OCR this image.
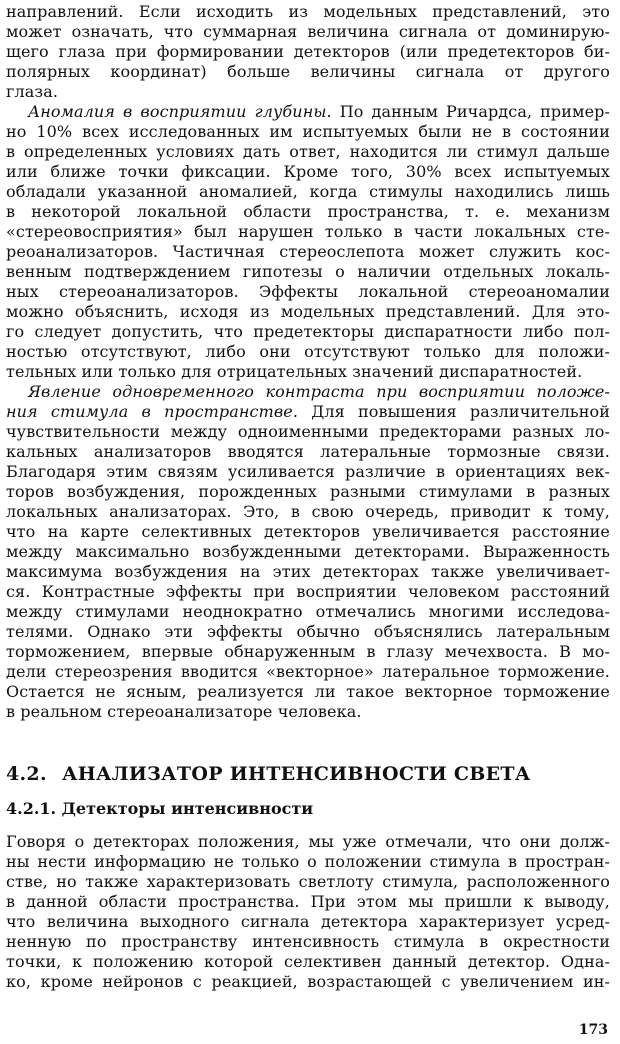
направлений. Если исходить из модельных представлений, это
может означать, что суммарная величина сигнала от доминирую-
щего глаза при формировании детекторов (или предетекторов би-
полярных координат) больше величины сигнала от другого
глаза.
Аномалия в восприятии глубины. По данным Ричардса, пример-
но 10% всех исследованных им испытуемых были не в состоянии
в определенных условиях дать ответ, находится ли стимул дальше
или ближе точки фиксации. Кроме того, 30% всех испытуемых
обладали указанной аномалией, когда стимулы находились лишь
в некоторой локальной области пространства, т. е. механизм
«стереовосприятия» был нарушен только в части локальных сте-
реоанализаторов. Частичная стереослепота может служить кос-
венным подтверждением гипотезы о наличии отдельных локаль-
ных стереоанализаторов. Эффекты локальной стереоаномалии
можно объяснить, исходя из модельных представлений. Для это-
го следует допустить, что предетекторы диспаратности либо пол-
ностью отсутствуют, либо они отсутствуют только для положи-
тельных или только для отрицательных значений диспаратностей.
Явление одновременного контраста при восприятии положе-
ния стимула в пространстве. Для повышения различительной
чувствительности между одноименными предекторами разных ло-
кальных анализаторов вводятся латеральные тормозные связи.
Благодаря этим связям усиливается различие в ориентациях век-
торов возбуждения, порожденных разными стимулами в разных
локальных анализаторах. Это, в свою очередь, приводит к тому,
что на карте селективных детекторов увеличивается расстояние
между максимально возбужденными детекторами. Выраженность
максимума возбуждения на этих детекторах также увеличивает-
ся. Контрастные эффекты при восприятии человеком расстояний
между стимулами неоднократно отмечались многими исследова-
телями. Однако эти эффекты обычно объяснялись латеральным
торможением, впервые обнаруженным в глазу мечехвоста. В мо-
дели стереозрения вводится «векторное» латеральное торможение.
Остается не ясным, реализуется ли такое векторное торможение
в реальном стереоанализаторе человека.
4.2. АНАЛИЗАТОР ИНТЕНСИВНОСТИ СВЕТА
4.2.1. Детекторы интенсивности
Говоря о детекторах положения, мы уже отмечали, что они долж-
ны нести информацию не только о положении стимула в простран-
стве, но также характеризовать светлоту стимула, расположенного
в данной области пространства. При этом мы пришли к выводу,
что величина выходного сигнала детектора характеризует усред-
ненную по пространству интенсивность стимула в окрестности
точки, к положению которой селективен данный детектор. Одна-
ко, кроме нейронов с реакцией, возрастающей с увеличением ин-
173
